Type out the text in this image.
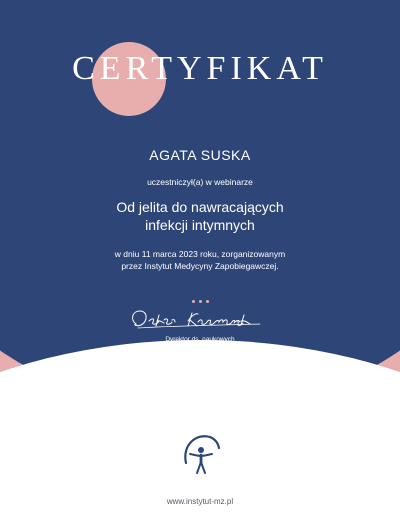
CERTYFIKAT
AGATA SUSKA
uczestniczył(a) w webinarze
Od jelita do nawracających
infekcji intymnych
w dniu 11 marca 2023 roku, zorganizowanym
przez Instytut Medycyny Zapobiegawczej.
Dyrektor ds. naukowych
Instytutu Medycyny Zapobiegawczej
www.instytut-mz.pl
